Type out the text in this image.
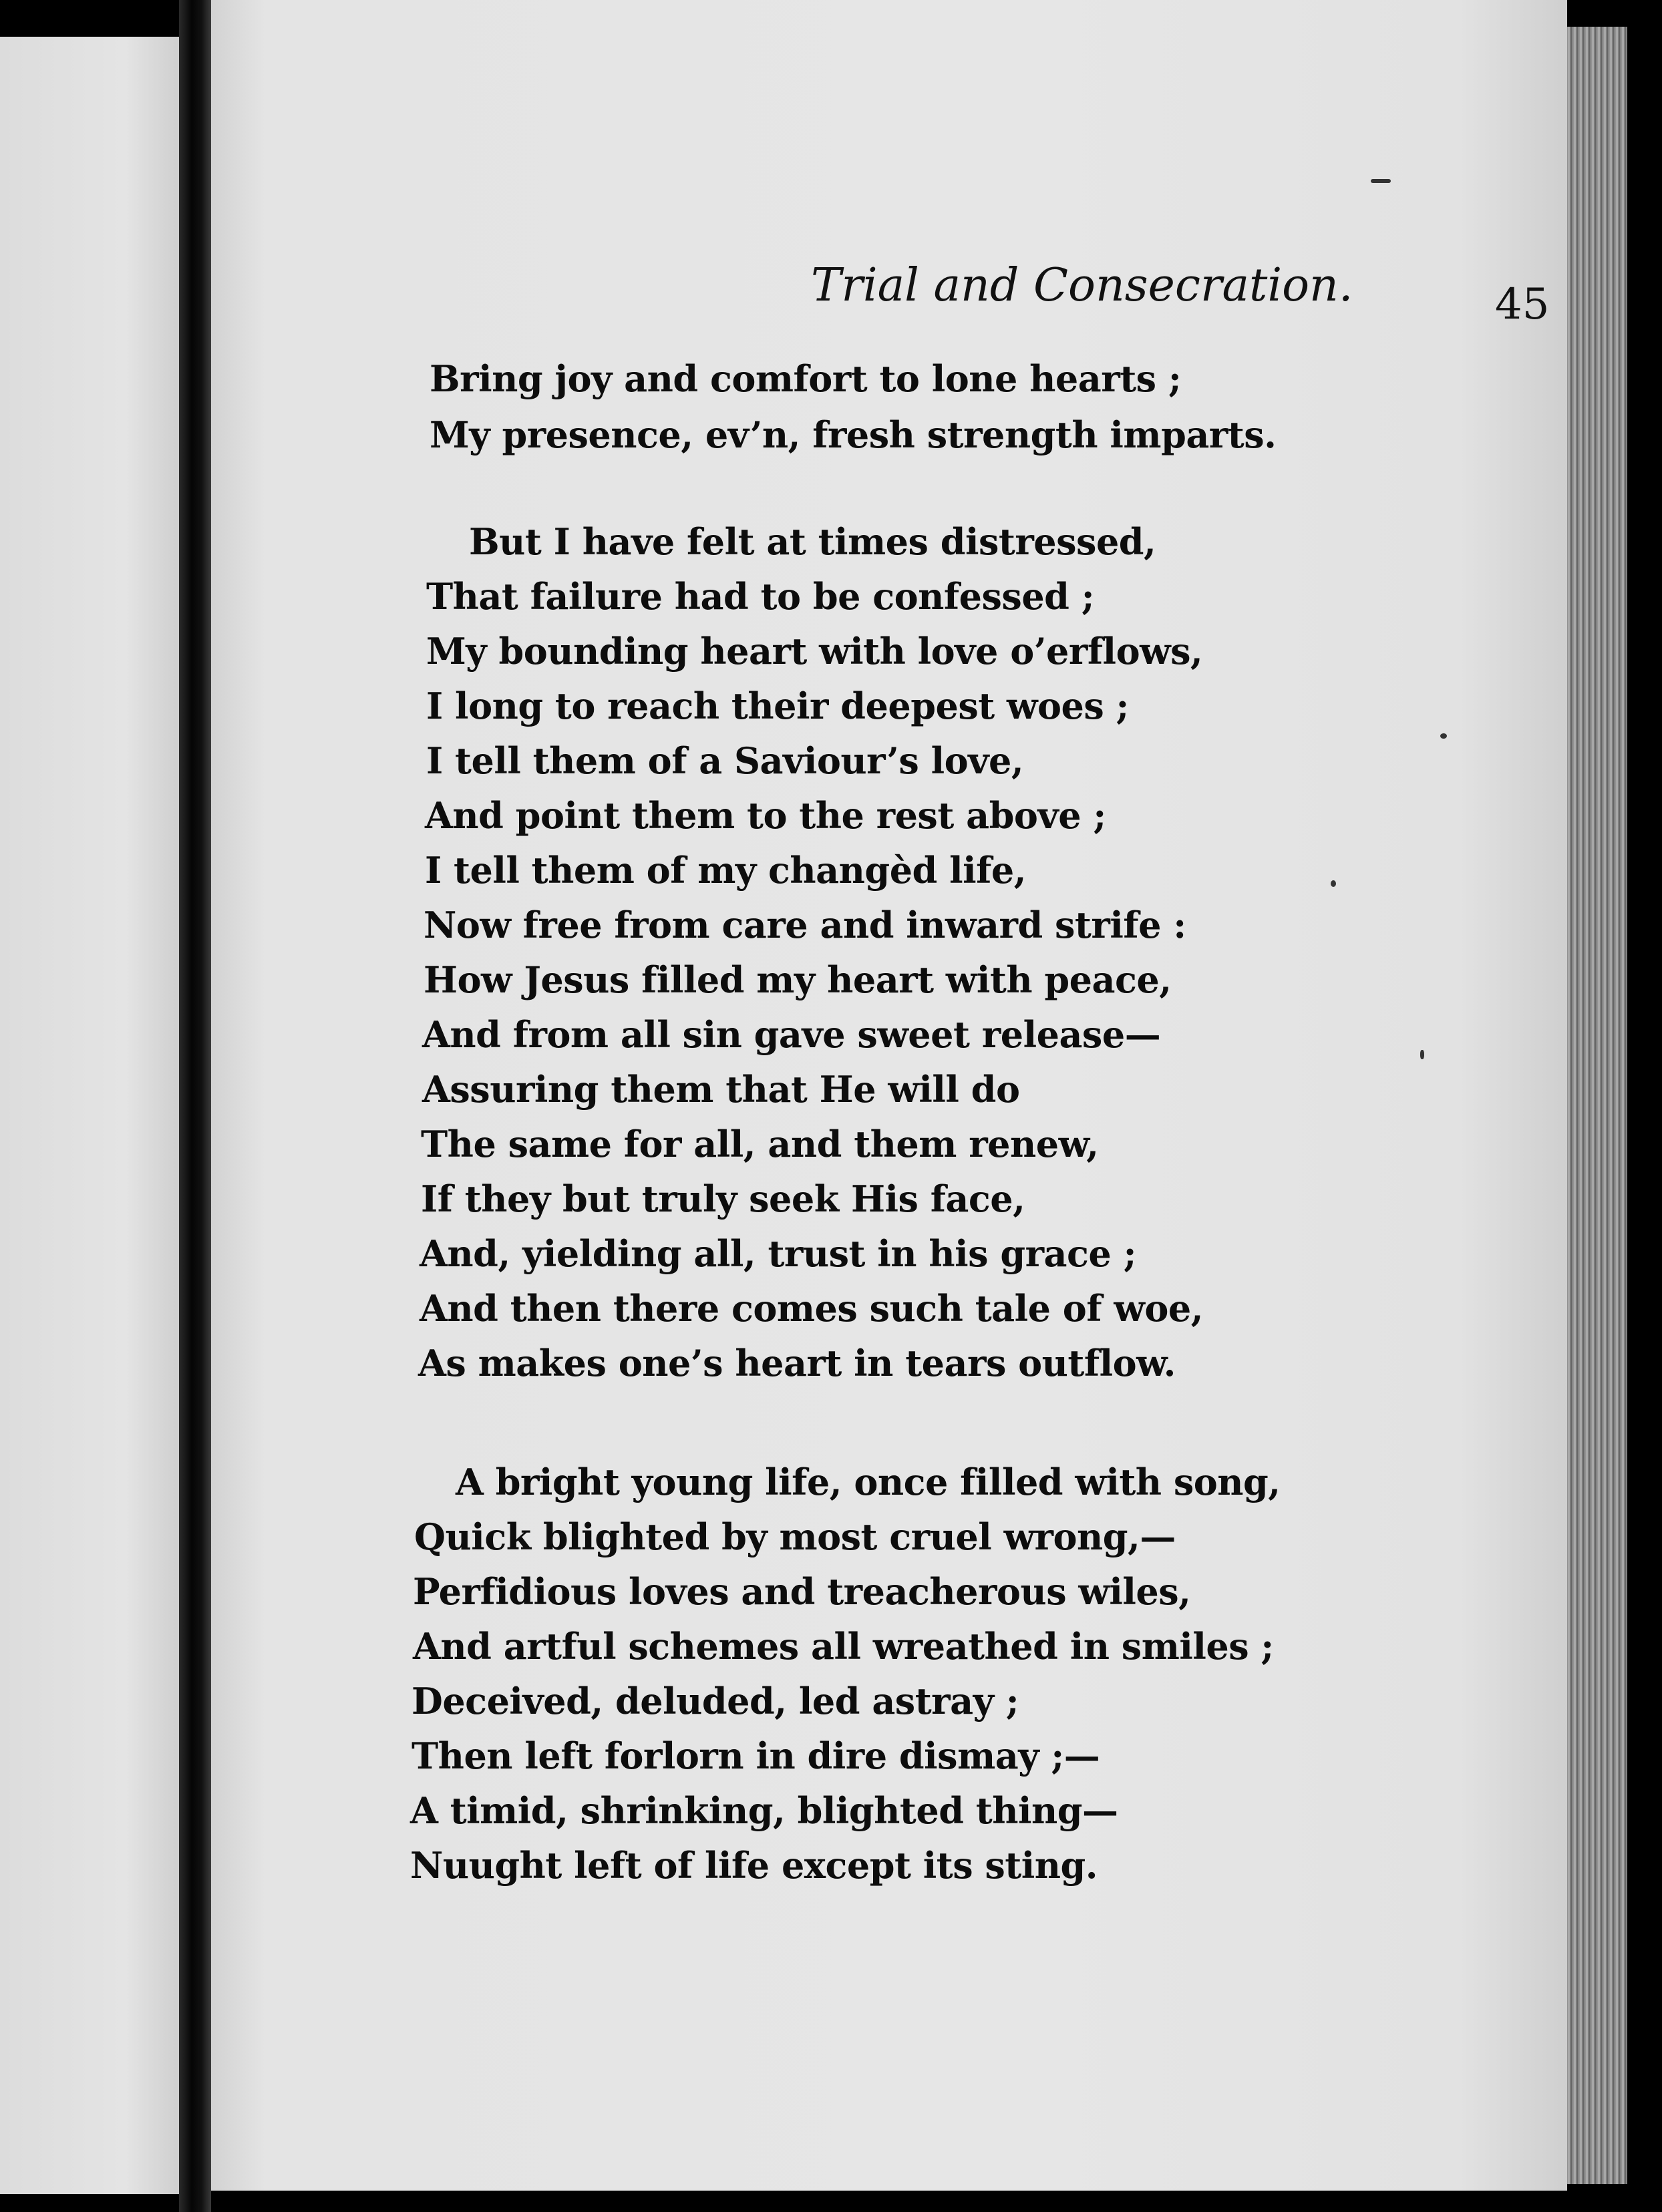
Trial and Consecration.	45
Bring joy and comfort to lone hearts ;
My presence, ev’n, fresh strength imparts.
But I have felt at times distressed,
That failure had to be confessed ;
My bounding heart with love o’erflows,
I long to reach their deepest woes ;
I tell them of a Saviour’s love,
And point them to the rest above ;
I tell them of my changèd life,
Now free from care and inward strife :
How Jesus filled my heart with peace,
And from all sin gave sweet release—
Assuring them that He will do
The same for all, and them renew,
If they but truly seek His face,
And, yielding all, trust in his grace ;
And then there comes such tale of woe,
As makes one’s heart in tears outflow.
A bright young life, once filled with song,
Quick blighted by most cruel wrong,—
Perfidious loves and treacherous wiles,
And artful schemes all wreathed in smiles ;
Deceived, deluded, led astray ;
Then left forlorn in dire dismay ;—
A timid, shrinking, blighted thing—
Nuught left of life except its sting.
